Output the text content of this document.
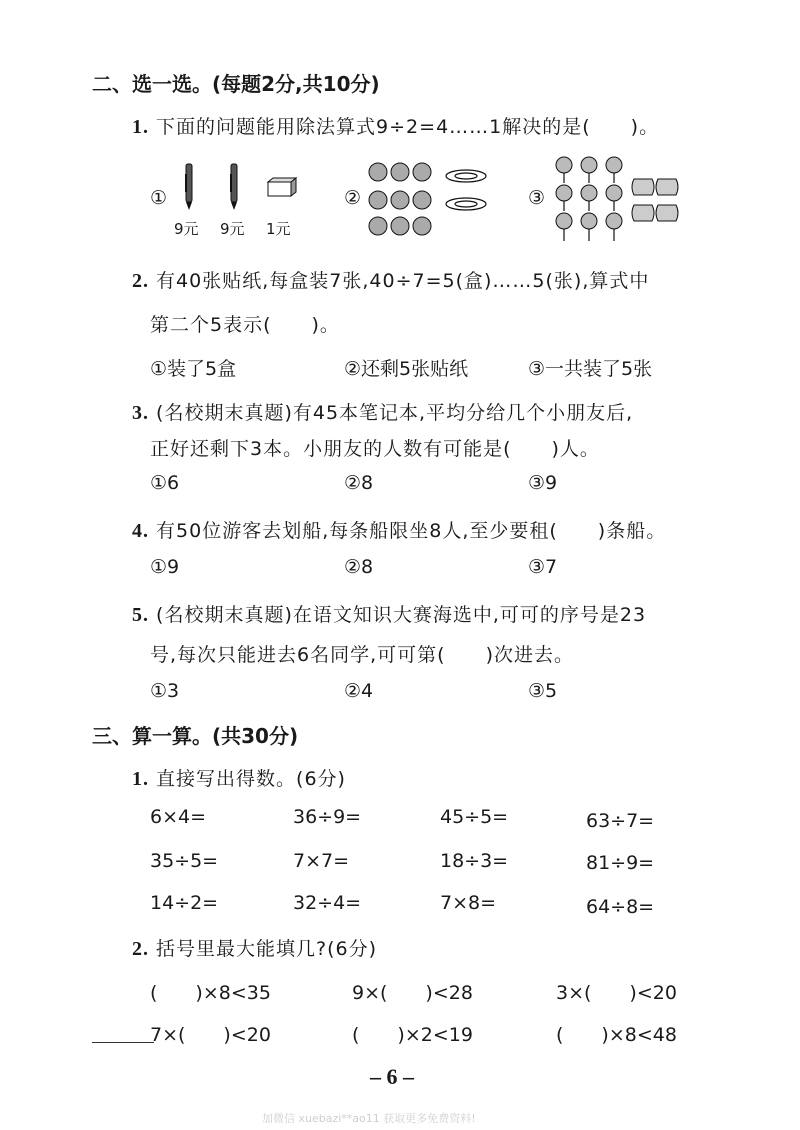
二、选一选。(每题2分,共10分)
1. 下面的问题能用除法算式9÷2=4……1解决的是(　　)。
①
9元 9元 1元
②	③
2. 有40张贴纸,每盒装7张,40÷7=5(盒)……5(张),算式中
第二个5表示(　　)。
①装了5盒	②还剩5张贴纸	③一共装了5张
3. (名校期末真题)有45本笔记本,平均分给几个小朋友后,
正好还剩下3本。小朋友的人数有可能是(　　)人。
①6	②8	③9
4. 有50位游客去划船,每条船限坐8人,至少要租(　　)条船。
①9	②8	③7
5. (名校期末真题)在语文知识大赛海选中,可可的序号是23
号,每次只能进去6名同学,可可第(　　)次进去。
①3	②4	③5
三、算一算。(共30分)
1. 直接写出得数。(6分)
6×4=	36÷9=	45÷5=	63÷7=
35÷5=	7×7=	18÷3=	81÷9=
14÷2=	32÷4=	7×8=	64÷8=
2. 括号里最大能填几?(6分)
(　　)×8<35	9×(　　)<28	3×(　　)<20
7×(　　)<20	(　　)×2<19	(　　)×8<48
– 6 –
加微信 xuebazi**ao11 获取更多免费资料!
